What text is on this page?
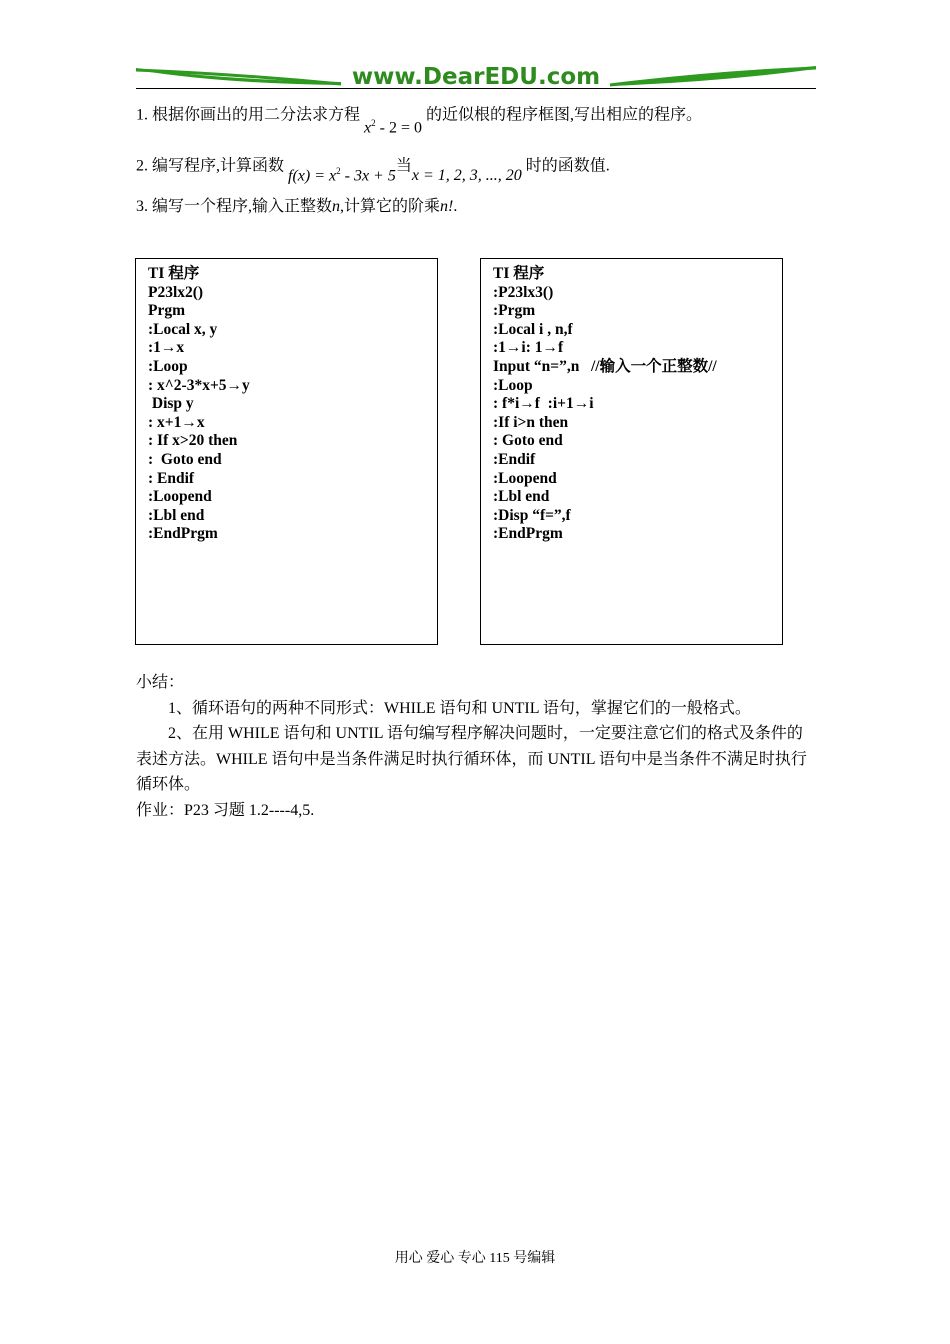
www.DearEDU.com
1. 根据你画出的用二分法求方程 $x^2 - 2 = 0$ 的近似根的程序框图,写出相应的程序。
2. 编写程序,计算函数 $f(x) = x^2 - 3x + 5$当x = 1, 2, 3, ..., 20 时的函数值.
3. 编写一个程序,输入正整数n,计算它的阶乘n!.
TI 程序
P23lx2()
Prgm
:Local x, y
:1→x
:Loop
: x^2-3*x+5→y
Disp y
: x+1→x
: If x>20 then
:  Goto end
: Endif
:Loopend
:Lbl end
:EndPrgm
TI 程序
:P23lx3()
:Prgm
:Local i , n,f
:1→i: 1→f
Input “n=”,n   //输入一个正整数//
:Loop
: f*i→f  :i+1→i
:If i>n then
: Goto end
:Endif
:Loopend
:Lbl end
:Disp “f=”,f
:EndPrgm
小结：
1、循环语句的两种不同形式：WHILE 语句和 UNTIL 语句，掌握它们的一般格式。
2、在用 WHILE 语句和 UNTIL 语句编写程序解决问题时，一定要注意它们的格式及条件的表述方法。WHILE 语句中是当条件满足时执行循环体，而 UNTIL 语句中是当条件不满足时执行循环体。
作业：P23 习题 1.2----4,5.
用心 爱心 专心 115 号编辑
